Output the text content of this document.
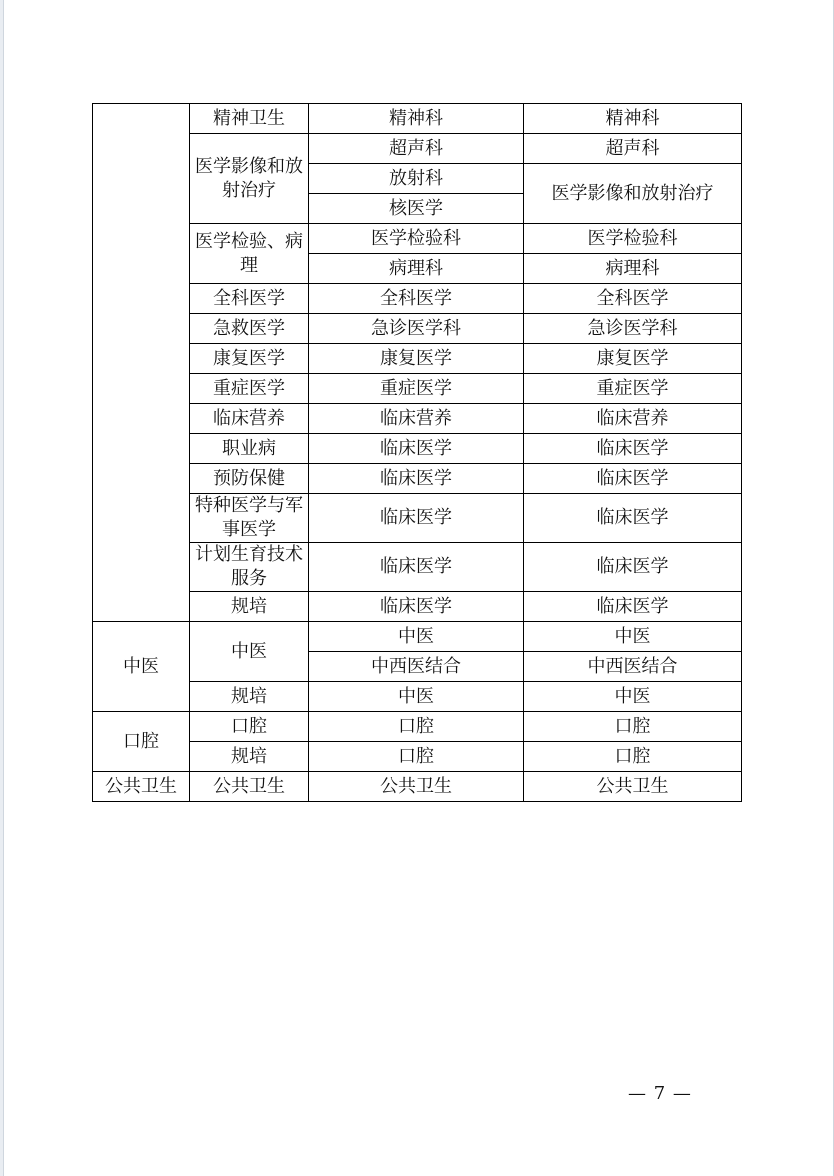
	精神卫生	精神科	精神科
	医学影像和放射治疗	超声科	超声科
		放射科	医学影像和放射治疗
		核医学	
	医学检验、病理	医学检验科	医学检验科
		病理科	病理科
	全科医学	全科医学	全科医学
	急救医学	急诊医学科	急诊医学科
	康复医学	康复医学	康复医学
	重症医学	重症医学	重症医学
	临床营养	临床营养	临床营养
	职业病	临床医学	临床医学
	预防保健	临床医学	临床医学
	特种医学与军事医学	临床医学	临床医学
	计划生育技术服务	临床医学	临床医学
	规培	临床医学	临床医学
中医	中医	中医	中医
		中西医结合	中西医结合
	规培	中医	中医
口腔	口腔	口腔	口腔
	规培	口腔	口腔
公共卫生	公共卫生	公共卫生	公共卫生
— 7 —
